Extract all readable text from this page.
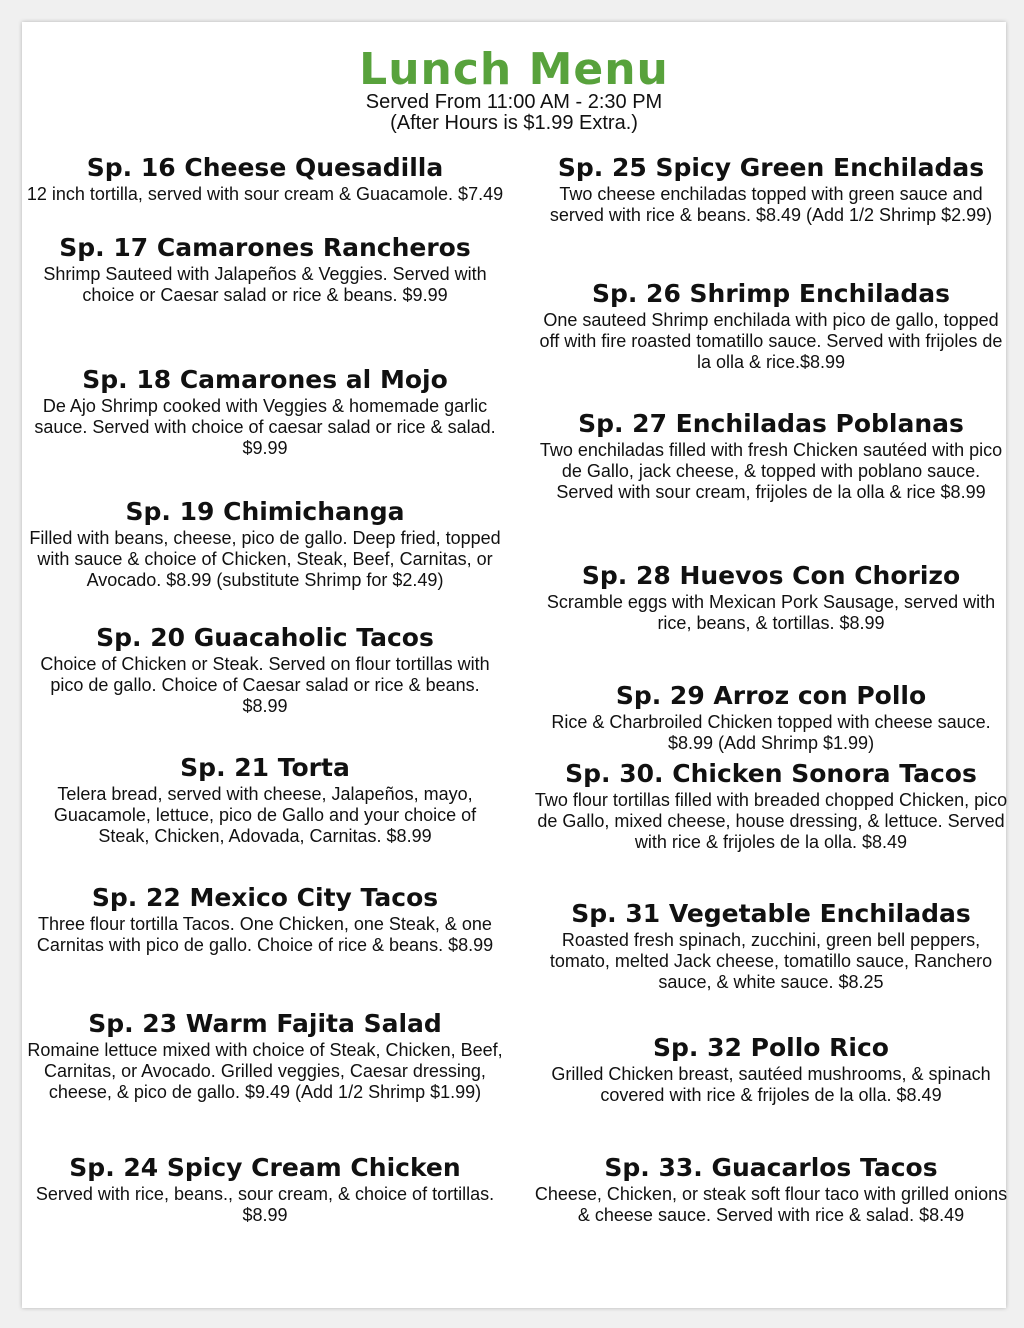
Lunch Menu
Served From 11:00 AM - 2:30 PM
(After Hours is $1.99 Extra.)
Sp. 16 Cheese Quesadilla
12 inch tortilla, served with sour cream & Guacamole. $7.49
Sp. 17 Camarones Rancheros
Shrimp Sauteed with Jalapeños & Veggies. Served with choice or Caesar salad or rice & beans. $9.99
Sp. 18 Camarones al Mojo
De Ajo Shrimp cooked with Veggies & homemade garlic sauce. Served with choice of caesar salad or rice & salad. $9.99
Sp. 19 Chimichanga
Filled with beans, cheese, pico de gallo. Deep fried, topped with sauce & choice of Chicken, Steak, Beef, Carnitas, or Avocado. $8.99 (substitute Shrimp for $2.49)
Sp. 20 Guacaholic Tacos
Choice of Chicken or Steak. Served on flour tortillas with pico de gallo. Choice of Caesar salad or rice & beans. $8.99
Sp. 21 Torta
Telera bread, served with cheese, Jalapeños, mayo, Guacamole, lettuce, pico de Gallo and your choice of Steak, Chicken, Adovada, Carnitas. $8.99
Sp. 22 Mexico City Tacos
Three flour tortilla Tacos. One Chicken, one Steak, & one Carnitas with pico de gallo. Choice of rice & beans. $8.99
Sp. 23 Warm Fajita Salad
Romaine lettuce mixed with choice of Steak, Chicken, Beef, Carnitas, or Avocado. Grilled veggies, Caesar dressing, cheese, & pico de gallo. $9.49 (Add 1/2 Shrimp $1.99)
Sp. 24 Spicy Cream Chicken
Served with rice, beans., sour cream, & choice of tortillas. $8.99
Sp. 25 Spicy Green Enchiladas
Two cheese enchiladas topped with green sauce and served with rice & beans. $8.49 (Add 1/2 Shrimp $2.99)
Sp. 26 Shrimp Enchiladas
One sauteed Shrimp enchilada with pico de gallo, topped off with fire roasted tomatillo sauce. Served with frijoles de la olla & rice.$8.99
Sp. 27 Enchiladas Poblanas
Two enchiladas filled with fresh Chicken sautéed with pico de Gallo, jack cheese, & topped with poblano sauce. Served with sour cream, frijoles de la olla & rice $8.99
Sp. 28 Huevos Con Chorizo
Scramble eggs with Mexican Pork Sausage, served with rice, beans, & tortillas. $8.99
Sp. 29 Arroz con Pollo
Rice & Charbroiled Chicken topped with cheese sauce. $8.99 (Add Shrimp $1.99)
Sp. 30. Chicken Sonora Tacos
Two flour tortillas filled with breaded chopped Chicken, pico de Gallo, mixed cheese, house dressing, & lettuce. Served with rice & frijoles de la olla. $8.49
Sp. 31 Vegetable Enchiladas
Roasted fresh spinach, zucchini, green bell peppers, tomato, melted Jack cheese, tomatillo sauce, Ranchero sauce, & white sauce. $8.25
Sp. 32 Pollo Rico
Grilled Chicken breast, sautéed mushrooms, & spinach covered with rice & frijoles de la olla. $8.49
Sp. 33. Guacarlos Tacos
Cheese, Chicken, or steak soft flour taco with grilled onions & cheese sauce. Served with rice & salad. $8.49
